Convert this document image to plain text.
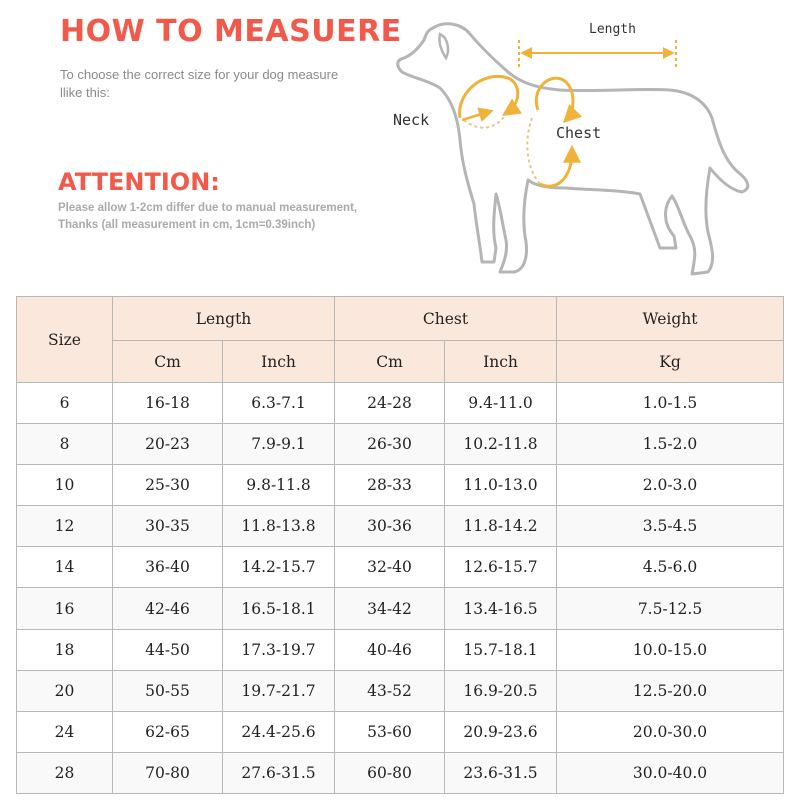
HOW TO MEASUERE
To choose the correct size for your dog measure llike this:
ATTENTION:
Please allow 1-2cm differ due to manual measurement,
Thanks (all measurement in cm, 1cm=0.39inch)
Length
Neck
Chest
Size	Length		Chest		Weight
	Cm	Inch	Cm	Inch	Kg
6	16-18	6.3-7.1	24-28	9.4-11.0	1.0-1.5
8	20-23	7.9-9.1	26-30	10.2-11.8	1.5-2.0
10	25-30	9.8-11.8	28-33	11.0-13.0	2.0-3.0
12	30-35	11.8-13.8	30-36	11.8-14.2	3.5-4.5
14	36-40	14.2-15.7	32-40	12.6-15.7	4.5-6.0
16	42-46	16.5-18.1	34-42	13.4-16.5	7.5-12.5
18	44-50	17.3-19.7	40-46	15.7-18.1	10.0-15.0
20	50-55	19.7-21.7	43-52	16.9-20.5	12.5-20.0
24	62-65	24.4-25.6	53-60	20.9-23.6	20.0-30.0
28	70-80	27.6-31.5	60-80	23.6-31.5	30.0-40.0
